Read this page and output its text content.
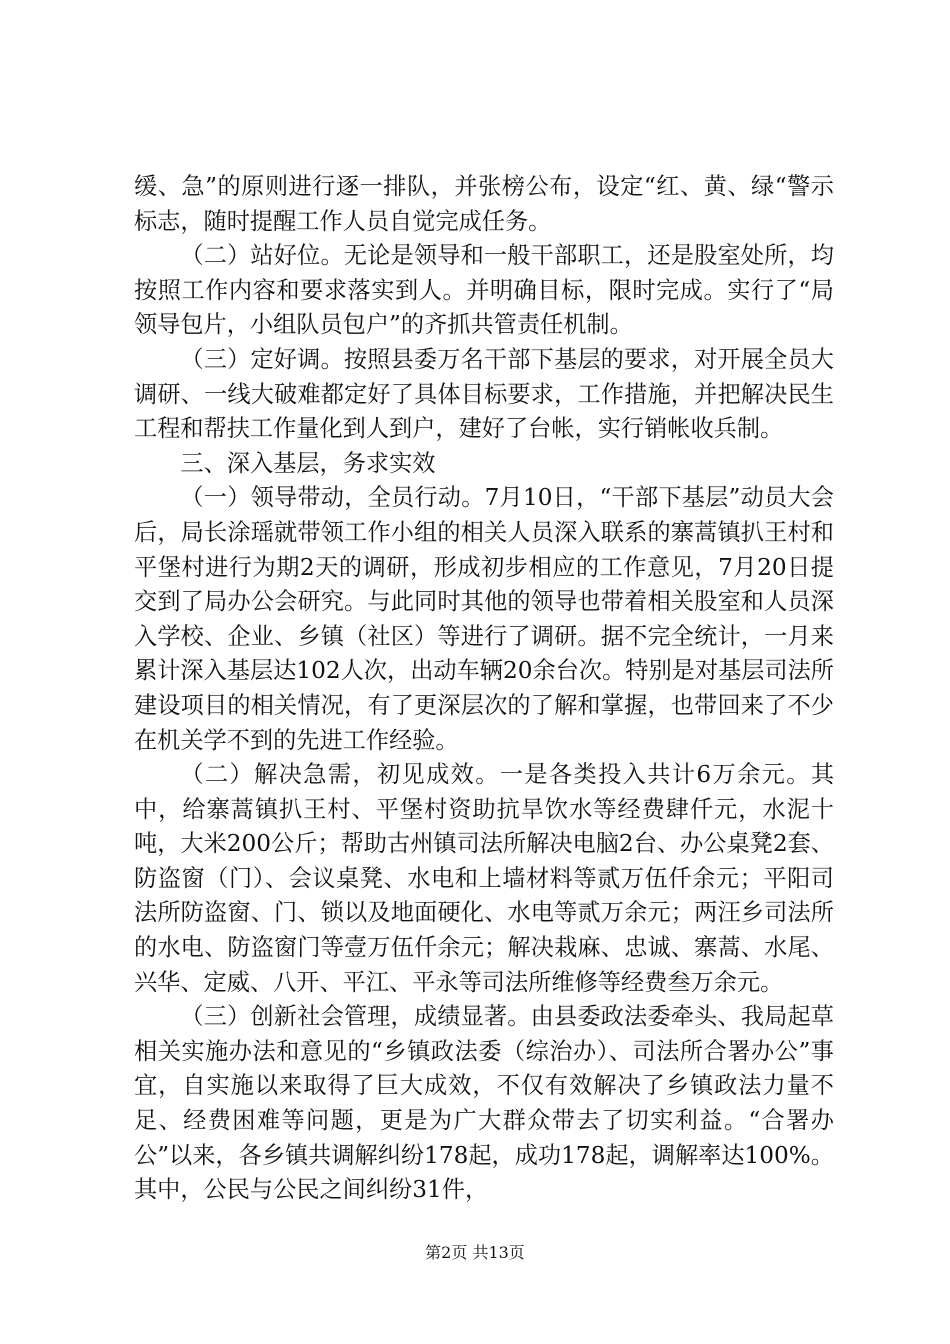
缓、急”的原则进行逐一排队，并张榜公布，设定“红、黄、绿“警示标志，随时提醒工作人员自觉完成任务。

（二）站好位。无论是领导和一般干部职工，还是股室处所，均按照工作内容和要求落实到人。并明确目标，限时完成。实行了“局领导包片，小组队员包户”的齐抓共管责任机制。

（三）定好调。按照县委万名干部下基层的要求，对开展全员大调研、一线大破难都定好了具体目标要求，工作措施，并把解决民生工程和帮扶工作量化到人到户，建好了台帐，实行销帐收兵制。

三、深入基层，务求实效

（一）领导带动，全员行动。7月10日，“干部下基层”动员大会后，局长涂瑶就带领工作小组的相关人员深入联系的寨蒿镇扒王村和平堡村进行为期2天的调研，形成初步相应的工作意见，7月20日提交到了局办公会研究。与此同时其他的领导也带着相关股室和人员深入学校、企业、乡镇（社区）等进行了调研。据不完全统计，一月来累计深入基层达102人次，出动车辆20余台次。特别是对基层司法所建设项目的相关情况，有了更深层次的了解和掌握，也带回来了不少在机关学不到的先进工作经验。

（二）解决急需，初见成效。一是各类投入共计6万余元。其中，给寨蒿镇扒王村、平堡村资助抗旱饮水等经费肆仟元，水泥十吨，大米200公斤；帮助古州镇司法所解决电脑2台、办公桌凳2套、防盗窗（门）、会议桌凳、水电和上墙材料等贰万伍仟余元；平阳司法所防盗窗、门、锁以及地面硬化、水电等贰万余元；两汪乡司法所的水电、防盗窗门等壹万伍仟余元；解决栽麻、忠诚、寨蒿、水尾、兴华、定威、八开、平江、平永等司法所维修等经费叁万余元。

（三）创新社会管理，成绩显著。由县委政法委牵头、我局起草相关实施办法和意见的“乡镇政法委（综治办）、司法所合署办公”事宜，自实施以来取得了巨大成效，不仅有效解决了乡镇政法力量不足、经费困难等问题，更是为广大群众带去了切实利益。“合署办公”以来，各乡镇共调解纠纷178起，成功178起，调解率达100%。其中，公民与公民之间纠纷31件，

第2页 共13页
